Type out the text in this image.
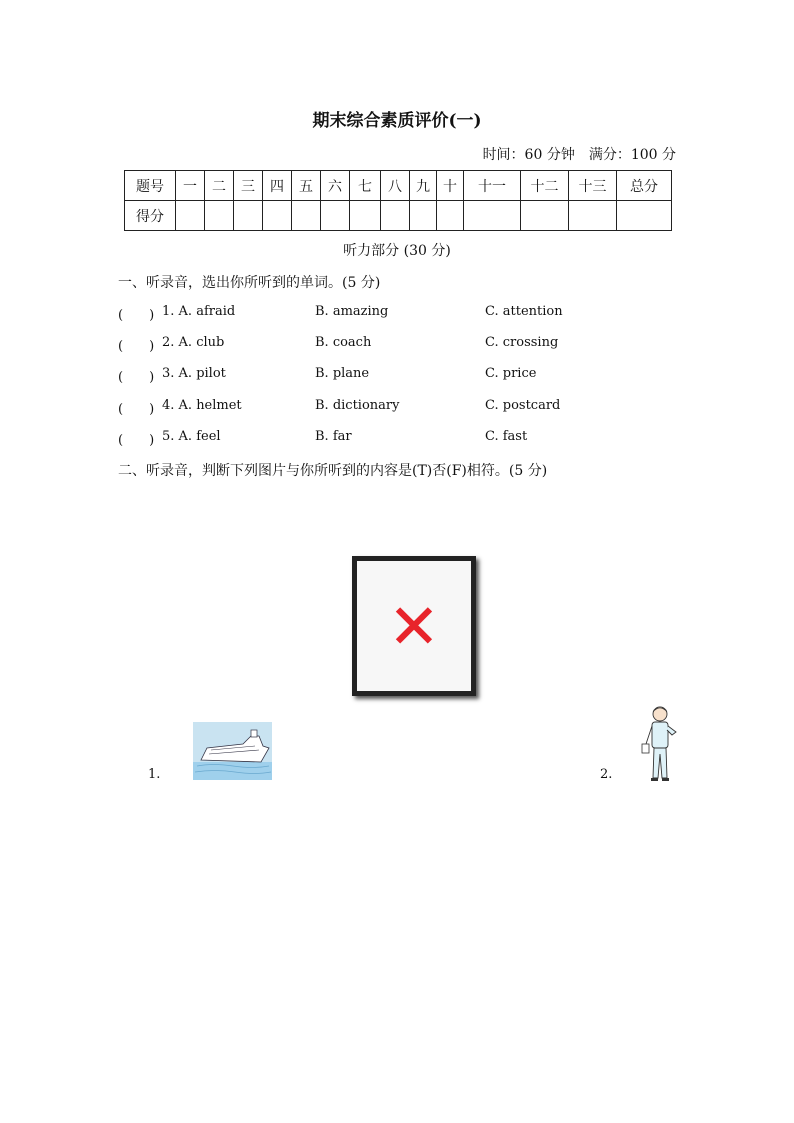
期末综合素质评价(一)
时间：60 分钟　满分：100 分
题号	一	二	三	四	五	六	七	八	九	十	十一	十二	十三	总分
得分														
听力部分 (30 分)
一、听录音，选出你所听到的单词。(5 分)
(　　) 1. A. afraid	B. amazing	C. attention
(　　) 2. A. club	B. coach	C. crossing
(　　) 3. A. pilot	B. plane	C. price
(　　) 4. A. helmet	B. dictionary	C. postcard
(　　) 5. A. feel	B. far	C. fast
二、听录音，判断下列图片与你所听到的内容是(T)否(F)相符。(5 分)
✕
1.	2.
